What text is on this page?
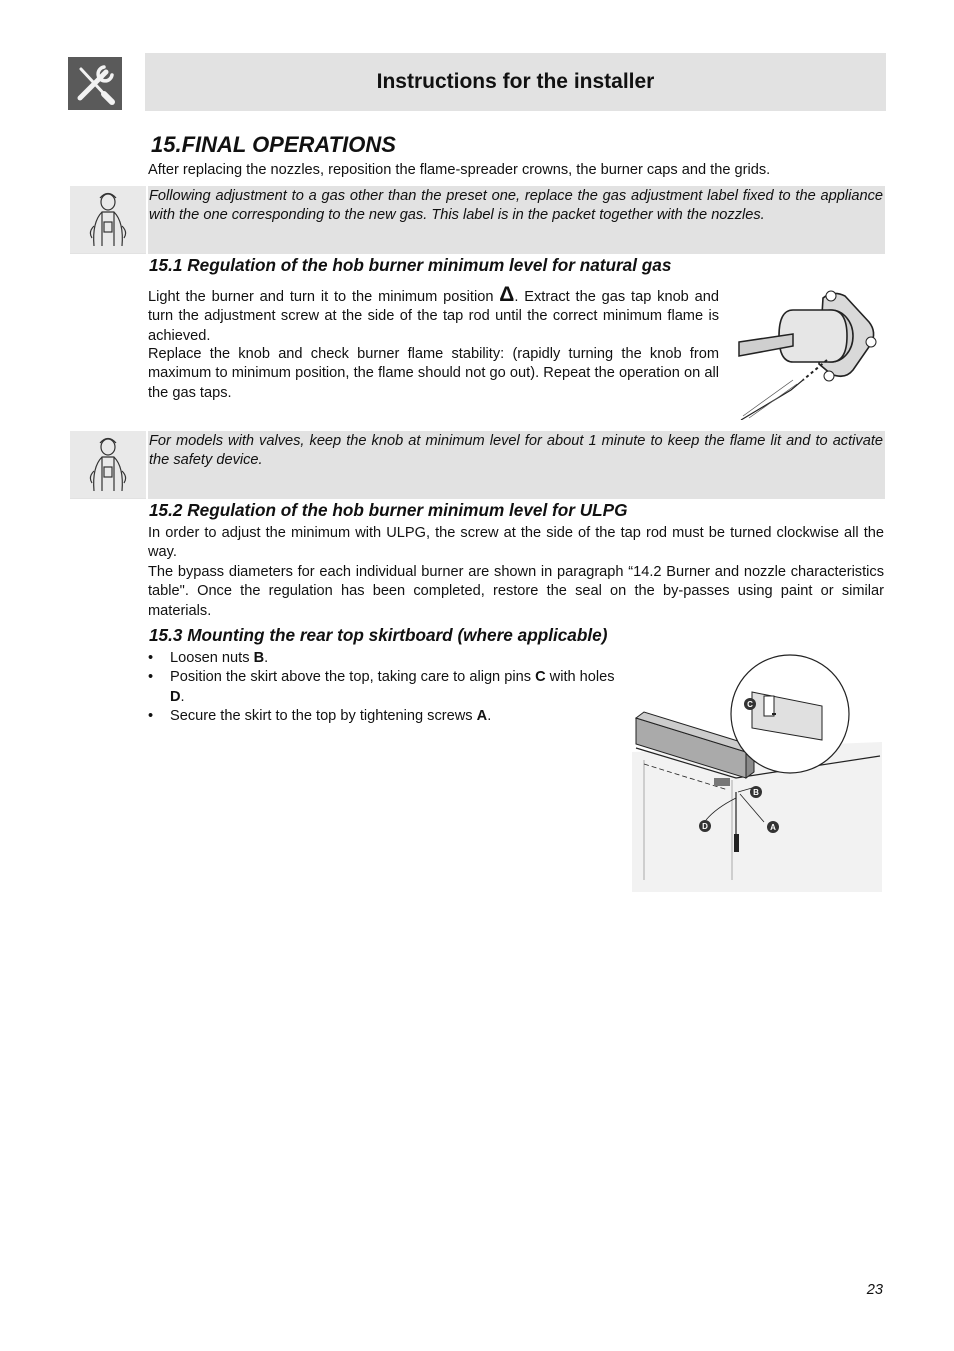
Instructions for the installer
15.FINAL OPERATIONS
After replacing the nozzles, reposition the flame-spreader crowns, the burner caps and the grids.
Following adjustment to a gas other than the preset one, replace the gas adjustment label fixed to the appliance with the one corresponding to the new gas. This label is in the packet together with the nozzles.
15.1 Regulation of the hob burner minimum level for natural gas
Light the burner and turn it to the minimum position Δ. Extract the gas tap knob and turn the adjustment screw at the side of the tap rod until the correct minimum flame is achieved.
Replace the knob and check burner flame stability: (rapidly turning the knob from maximum to minimum position, the flame should not go out). Repeat the operation on all the gas taps.
For models with valves, keep the knob at minimum level for about 1 minute to keep the flame lit and to activate the safety device.
15.2 Regulation of the hob burner minimum level for ULPG
In order to adjust the minimum with ULPG, the screw at the side of the tap rod must be turned clockwise all the way.
The bypass diameters for each individual burner are shown in paragraph “14.2 Burner and nozzle characteristics table". Once the regulation has been completed, restore the seal on the by-passes using paint or similar materials.
15.3 Mounting the rear top skirtboard (where applicable)
• Loosen nuts B.
• Position the skirt above the top, taking care to align pins C with holes D.
• Secure the skirt to the top by tightening screws A.
C
B
D	A
23
